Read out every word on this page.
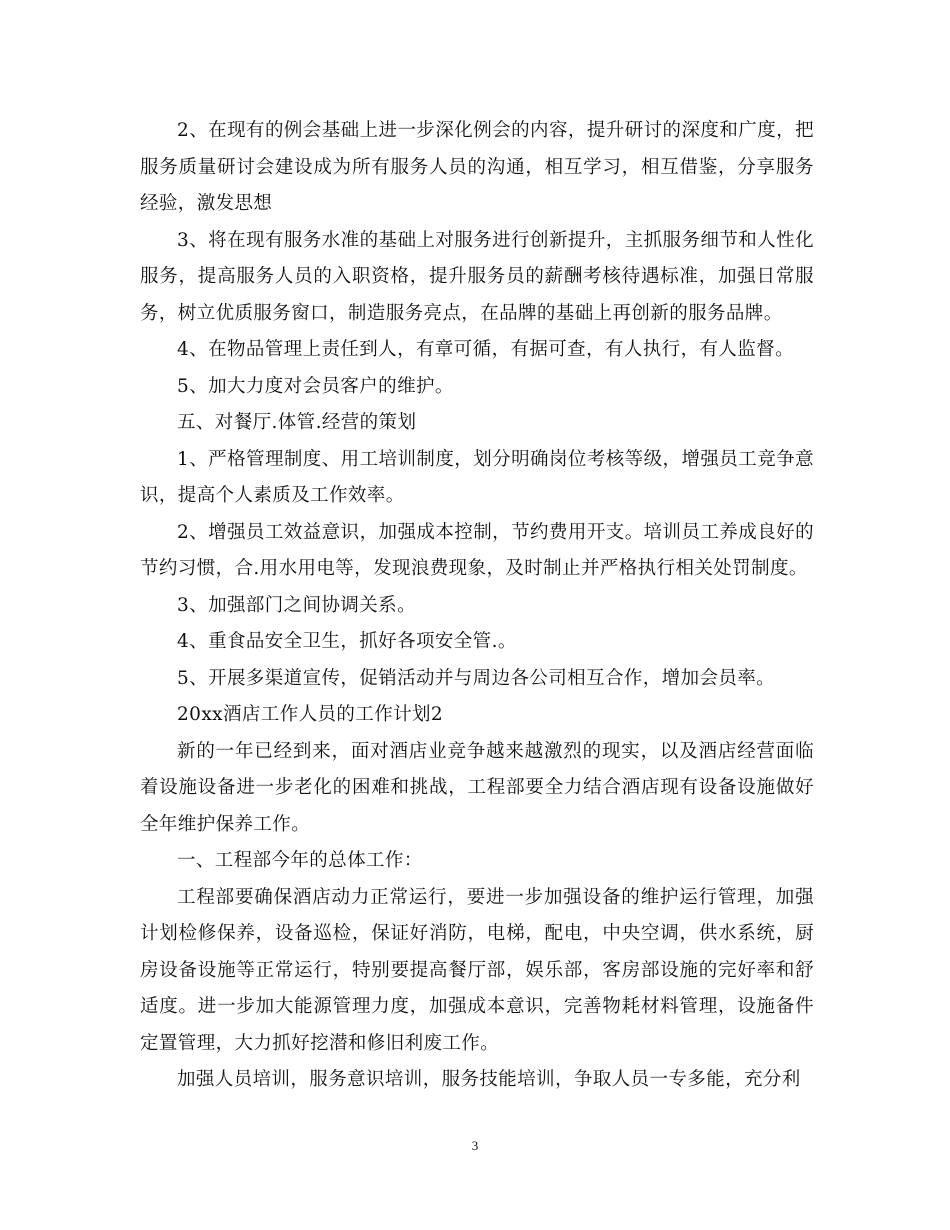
2、在现有的例会基础上进一步深化例会的内容，提升研讨的深度和广度，把服务质量研讨会建设成为所有服务人员的沟通，相互学习，相互借鉴，分享服务经验，激发思想

3、将在现有服务水准的基础上对服务进行创新提升，主抓服务细节和人性化服务，提高服务人员的入职资格，提升服务员的薪酬考核待遇标准，加强日常服务，树立优质服务窗口，制造服务亮点，在品牌的基础上再创新的服务品牌。

4、在物品管理上责任到人，有章可循，有据可查，有人执行，有人监督。

5、加大力度对会员客户的维护。

五、对餐厅.体管.经营的策划

1、严格管理制度、用工培训制度，划分明确岗位考核等级，增强员工竞争意识，提高个人素质及工作效率。

2、增强员工效益意识，加强成本控制，节约费用开支。培训员工养成良好的节约习惯，合.用水用电等，发现浪费现象，及时制止并严格执行相关处罚制度。

3、加强部门之间协调关系。

4、重食品安全卫生，抓好各项安全管.。

5、开展多渠道宣传，促销活动并与周边各公司相互合作，增加会员率。

20xx酒店工作人员的工作计划2

新的一年已经到来，面对酒店业竞争越来越激烈的现实，以及酒店经营面临着设施设备进一步老化的困难和挑战，工程部要全力结合酒店现有设备设施做好全年维护保养工作。

一、工程部今年的总体工作：

工程部要确保酒店动力正常运行，要进一步加强设备的维护运行管理，加强计划检修保养，设备巡检，保证好消防，电梯，配电，中央空调，供水系统，厨房设备设施等正常运行，特别要提高餐厅部，娱乐部，客房部设施的完好率和舒适度。进一步加大能源管理力度，加强成本意识，完善物耗材料管理，设施备件定置管理，大力抓好挖潜和修旧利废工作。

加强人员培训，服务意识培训，服务技能培训，争取人员一专多能，充分利

3
